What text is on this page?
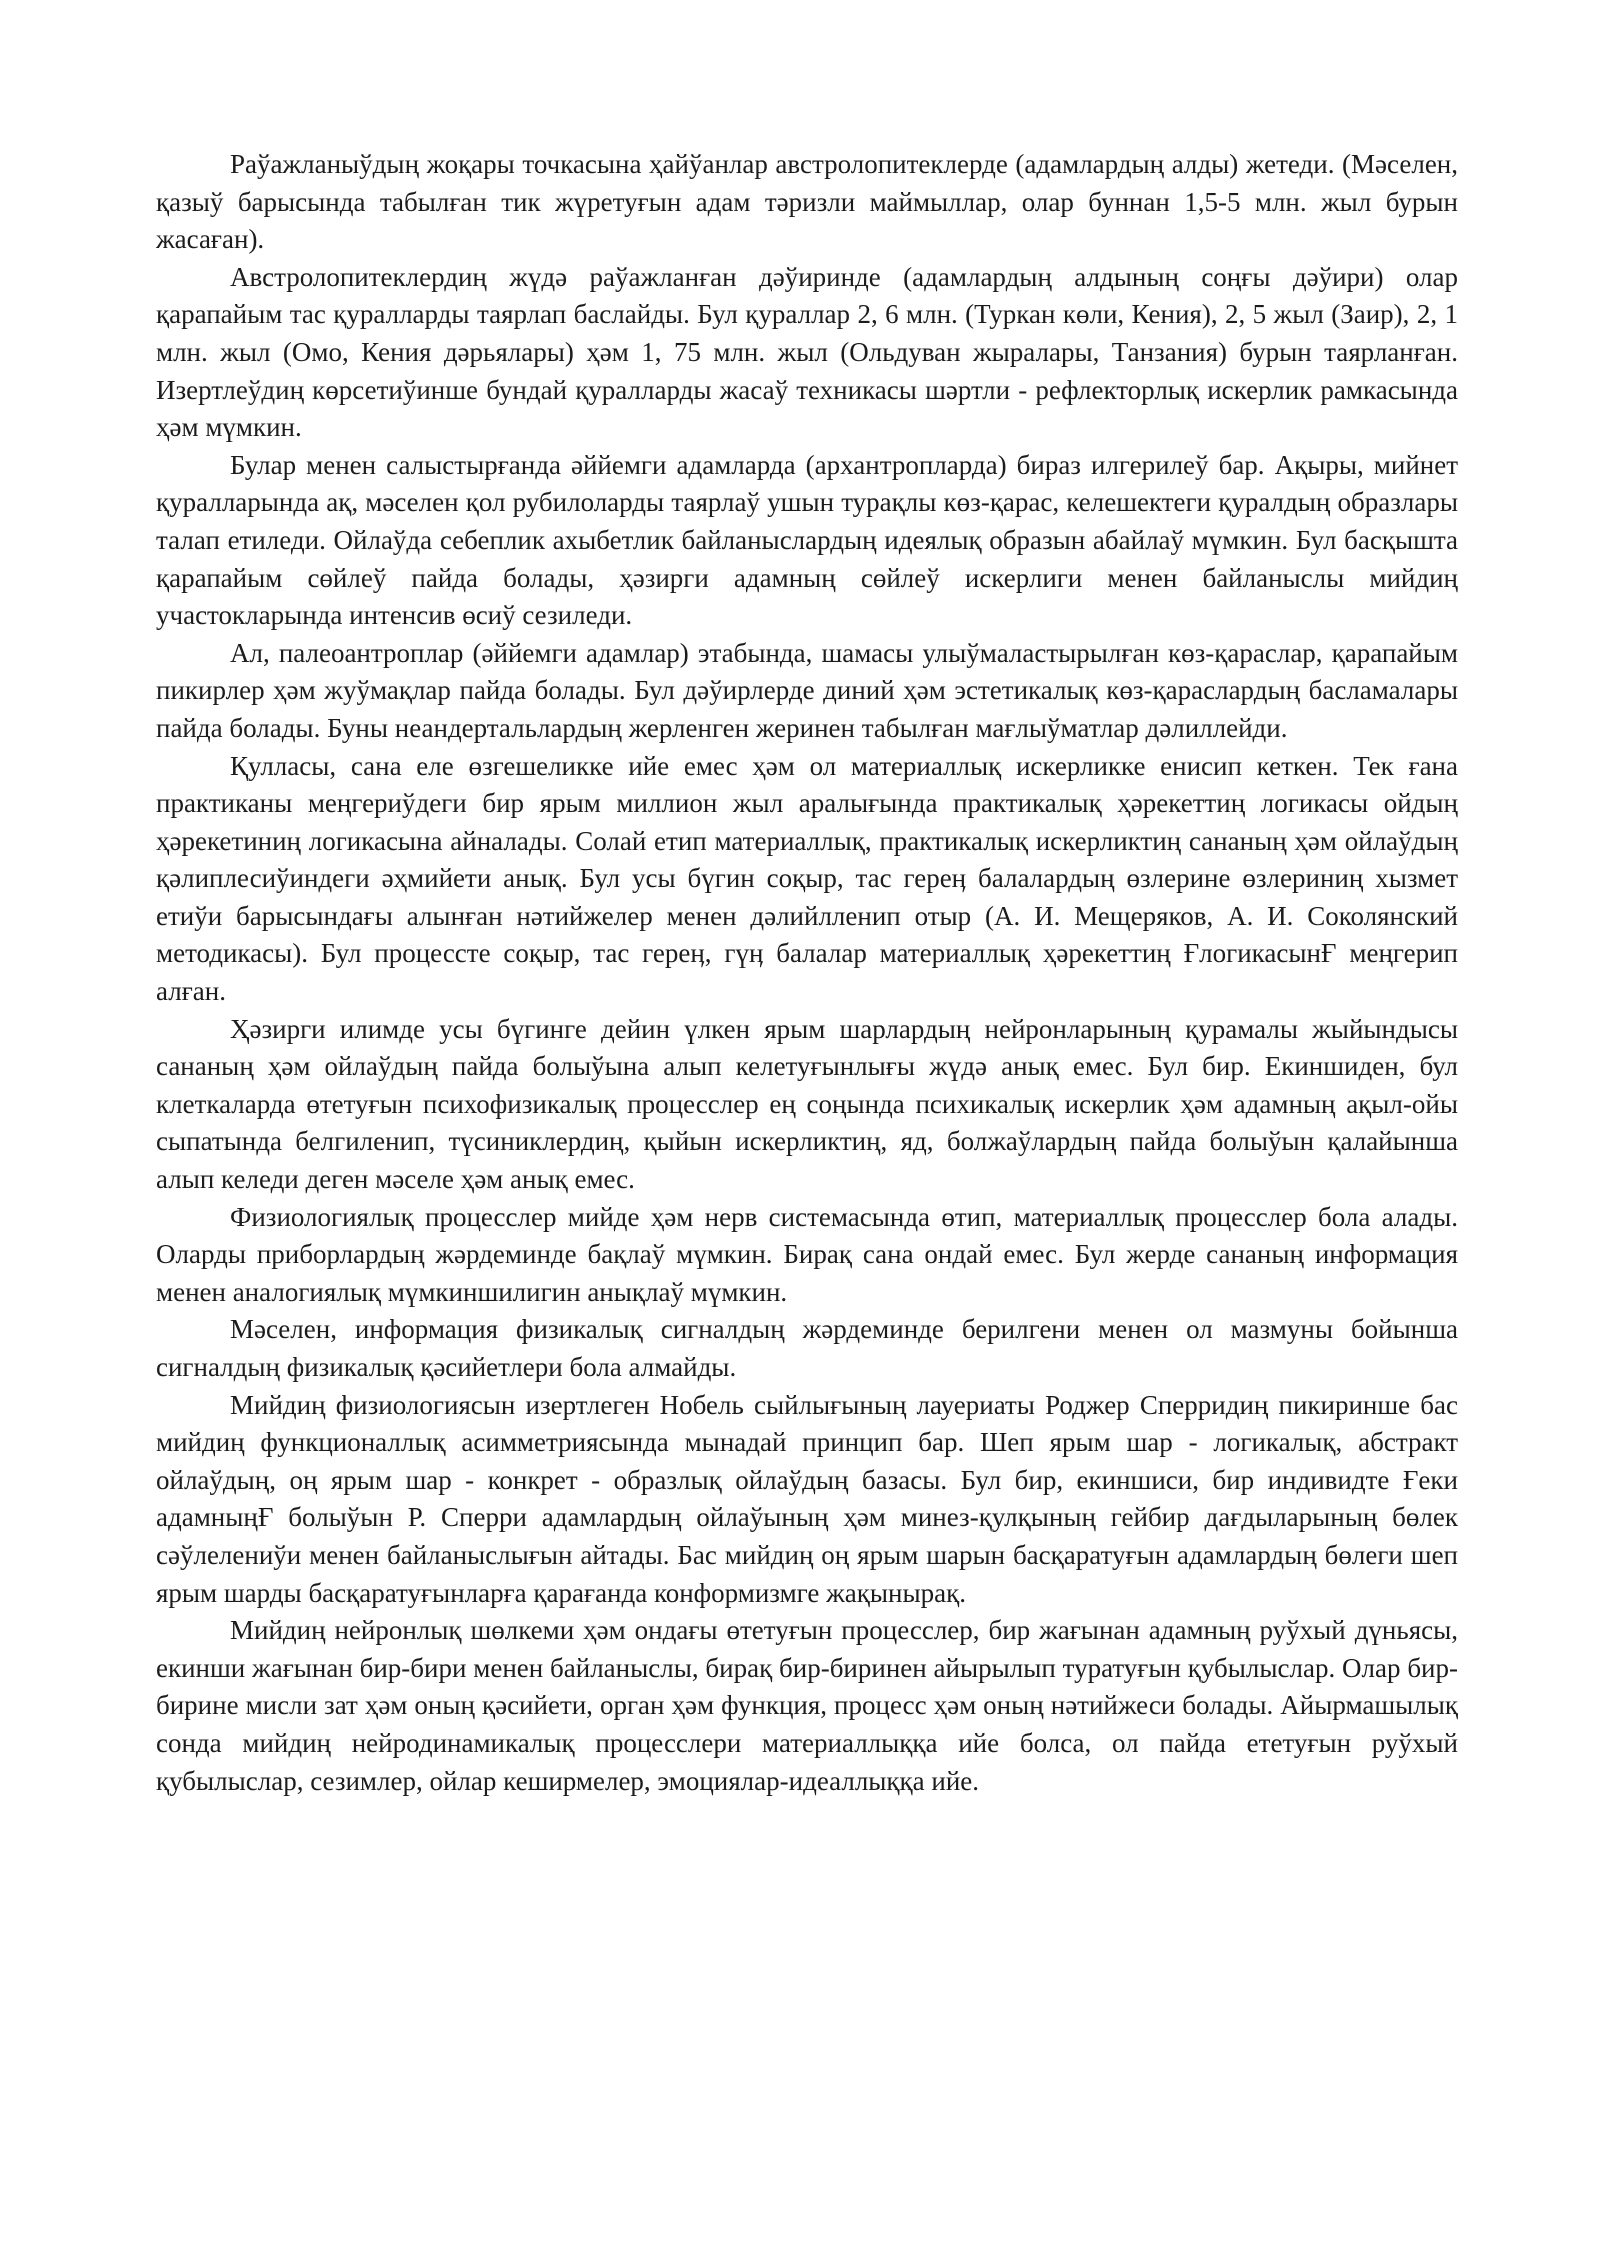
Раўажланыўдың жоқары точкасына ҳайўанлар австролопитеклерде (адамлардың алды) жетеди. (Мәселен, қазыў барысында табылған тик жүретуғын адам тәризли маймыллар, олар буннан 1,5-5 млн. жыл бурын жасаған).

Австролопитеклердиң жүдә раўажланған дәўиринде (адамлардың алдының соңғы дәўири) олар қарапайым тас қуралларды таярлап баслайды. Бул қураллар 2, 6 млн. (Туркан көли, Кения), 2, 5 жыл (Заир), 2, 1 млн. жыл (Омо, Кения дәрьялары) ҳәм 1, 75 млн. жыл (Ольдуван жыралары, Танзания) бурын таярланған. Изертлеўдиң көрсетиўинше бундай қуралларды жасаў техникасы шәртли - рефлекторлық искерлик рамкасында ҳәм мүмкин.

Булар менен салыстырғанда әййемги адамларда (архантропларда) бираз илгерилеў бар. Ақыры, мийнет қуралларында ақ, мәселен қол рубилоларды таярлаў ушын турақлы көз-қарас, келешектеги қуралдың образлары талап етиледи. Ойлаўда себеплик ахыбетлик байланыслардың идеялық образын абайлаў мүмкин. Бул басқышта қарапайым сөйлеў пайда болады, ҳәзирги адамның сөйлеў искерлиги менен байланыслы мийдиң участокларында интенсив өсиў сезиледи.

Ал, палеоантроплар (әййемги адамлар) этабында, шамасы улыўмаластырылған көз-қараслар, қарапайым пикирлер ҳәм жуўмақлар пайда болады. Бул дәўирлерде диний ҳәм эстетикалық көз-қараслардың басламалары пайда болады. Буны неандертальлардың жерленген жеринен табылған мағлыўматлар дәлиллейди.

Қулласы, сана еле өзгешеликке ийе емес ҳәм ол материаллық искерликке енисип кеткен. Тек ғана практиканы меңгериўдеги бир ярым миллион жыл аралығында практикалық ҳәрекеттиң логикасы ойдың ҳәрекетиниң логикасына айналады. Солай етип материаллық, практикалық искерликтиң сананың ҳәм ойлаўдың қәлиплесиўиндеги әҳмийети анық. Бул усы бүгин соқыр, тас гереӊ балалардың өзлерине өзлериниң хызмет етиўи барысындағы алынған нәтийжелер менен дәлийлленип отыр (А. И. Мещеряков, А. И. Соколянский методикасы). Бул процессте соқыр, тас гереӊ, гүӊ балалар материаллық ҳәрекеттиң ҒлогикасынҒ меңгерип алған.

Ҳәзирги илимде усы бүгинге дейин үлкен ярым шарлардың нейронларының қурамалы жыйындысы сананың ҳәм ойлаўдың пайда болыўына алып келетуғынлығы жүдә анық емес. Бул бир. Екиншиден, бул клеткаларда өтетуғын психофизикалық процесслер ең соңында психикалық искерлик ҳәм адамның ақыл-ойы сыпатында белгиленип, түсиниклердиң, қыйын искерликтиң, яд, болжаўлардың пайда болыўын қалайынша алып келеди деген мәселе ҳәм анық емес.

Физиологиялық процесслер мийде ҳәм нерв системасында өтип, материаллық процесслер бола алады. Оларды приборлардың жәрдеминде бақлаў мүмкин. Бирақ сана ондай емес. Бул жерде сананың информация менен аналогиялық мүмкиншилигин анықлаў мүмкин.

Мәселен, информация физикалық сигналдың жәрдеминде берилгени менен ол мазмуны бойынша сигналдың физикалық қәсийетлери бола алмайды.

Мийдиң физиологиясын изертлеген Нобель сыйлығының лауериаты Роджер Сперридиң пикиринше бас мийдиң функционаллық асимметриясында мынадай принцип бар. Шеп ярым шар - логикалық, абстракт ойлаўдың, оң ярым шар - конкрет - образлық ойлаўдың базасы. Бул бир, екиншиси, бир индивидте Ғеки адамныңҒ болыўын Р. Сперри адамлардың ойлаўының ҳәм минез-қулқының гейбир дағдыларының бөлек сәўлелениўи менен байланыслығын айтады. Бас мийдиң оң ярым шарын басқаратуғын адамлардың бөлеги шеп ярым шарды басқаратуғынларға қарағанда конформизмге жақынырақ.

Мийдиң нейронлық шөлкеми ҳәм ондағы өтетуғын процесслер, бир жағынан адамның руўхый дүньясы, екинши жағынан бир-бири менен байланыслы, бирақ бир-биринен айырылып туратуғын қубылыслар. Олар бир-бирине мисли зат ҳәм оның қәсийети, орган ҳәм функция, процесс ҳәм оның нәтийжеси болады. Айырмашылық сонда мийдиң нейродинамикалық процесслери материаллыққа ийе болса, ол пайда ететуғын руўхый қубылыслар, сезимлер, ойлар кеширмелер, эмоциялар-идеаллыққа ийе.
